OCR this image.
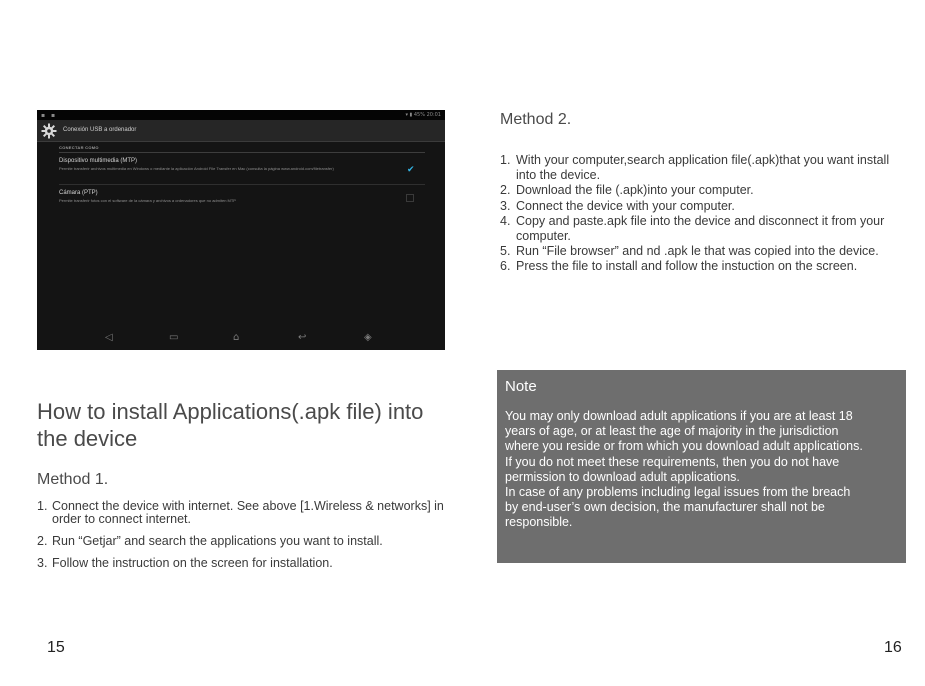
▪ ▪	▾ ▮ 45% 20:01
Conexión USB a ordenador
CONECTAR COMO
Dispositivo multimedia (MTP)
Permite transferir archivos multimedia en Windows o mediante la aplicación Android File Transfer en Mac (consulta la página www.android.com/filetransfer)	✔
Cámara (PTP)
Permite transferir fotos con el software de la cámara y archivos a ordenadores que no admiten MTP
◁	▭	⌂	↩	◈
How to install Applications(.apk file) into the device
Method 1.
1. Connect the device with internet. See above [1.Wireless & networks] in order to connect internet.
2. Run “Getjar” and search the applications you want to install.
3. Follow the instruction on the screen for installation.
15
Method 2.
1. With your computer,search application file(.apk)that you want install into the device.
2. Download the file (.apk)into your computer.
3. Connect the device with your computer.
4. Copy and paste.apk file into the device and disconnect it from your computer.
5. Run “File browser” and nd .apk le that was copied into the device.
6. Press the file to install and follow the instuction on the screen.
Note
You may only download adult applications if you are at least 18
years of age, or at least the age of majority in the jurisdiction
where you reside or from which you download adult applications.
If you do not meet these requirements, then you do not have
permission to download adult applications.
In case of any problems including legal issues from the breach
by end-user’s own decision, the manufacturer shall not be
responsible.
16
